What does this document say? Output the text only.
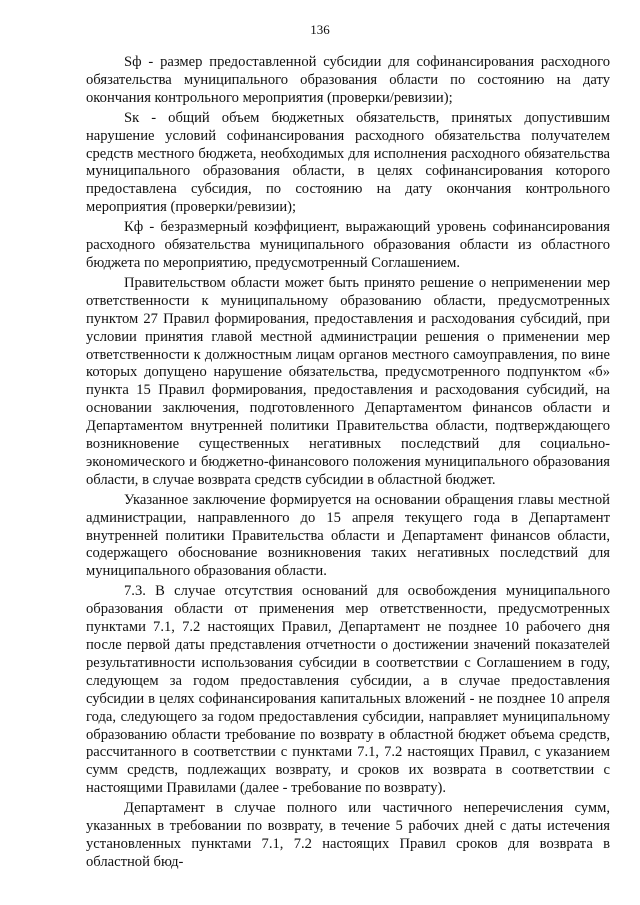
136

Sф - размер предоставленной субсидии для софинансирования расходного обязательства муниципального образования области по состоянию на дату окончания контрольного мероприятия (проверки/ревизии);

Sк - общий объем бюджетных обязательств, принятых допустившим нарушение условий софинансирования расходного обязательства получателем средств местного бюджета, необходимых для исполнения расходного обязательства муниципального образования области, в целях софинансирования которого предоставлена субсидия, по состоянию на дату окончания контрольного мероприятия (проверки/ревизии);

Кф - безразмерный коэффициент, выражающий уровень софинансирования расходного обязательства муниципального образования области из областного бюджета по мероприятию, предусмотренный Соглашением.

Правительством области может быть принято решение о неприменении мер ответственности к муниципальному образованию области, предусмотренных пунктом 27 Правил формирования, предоставления и расходования субсидий, при условии принятия главой местной администрации решения о применении мер ответственности к должностным лицам органов местного самоуправления, по вине которых допущено нарушение обязательства, предусмотренного подпунктом «б» пункта 15 Правил формирования, предоставления и расходования субсидий, на основании заключения, подготовленного Департаментом финансов области и Департаментом внутренней политики Правительства области, подтверждающего возникновение существенных негативных последствий для социально-экономического и бюджетно-финансового положения муниципального образования области, в случае возврата средств субсидии в областной бюджет.

Указанное заключение формируется на основании обращения главы местной администрации, направленного до 15 апреля текущего года в Департамент внутренней политики Правительства области и Департамент финансов области, содержащего обоснование возникновения таких негативных последствий для муниципального образования области.

7.3. В случае отсутствия оснований для освобождения муниципального образования области от применения мер ответственности, предусмотренных пунктами 7.1, 7.2 настоящих Правил, Департамент не позднее 10 рабочего дня после первой даты представления отчетности о достижении значений показателей результативности использования субсидии в соответствии с Соглашением в году, следующем за годом предоставления субсидии, а в случае предоставления субсидии в целях софинансирования капитальных вложений - не позднее 10 апреля года, следующего за годом предоставления субсидии, направляет муниципальному образованию области требование по возврату в областной бюджет объема средств, рассчитанного в соответствии с пунктами 7.1, 7.2 настоящих Правил, с указанием сумм средств, подлежащих возврату, и сроков их возврата в соответствии с настоящими Правилами (далее - требование по возврату).

Департамент в случае полного или частичного неперечисления сумм, указанных в требовании по возврату, в течение 5 рабочих дней с даты истечения установленных пунктами 7.1, 7.2 настоящих Правил сроков для возврата в областной бюд-
